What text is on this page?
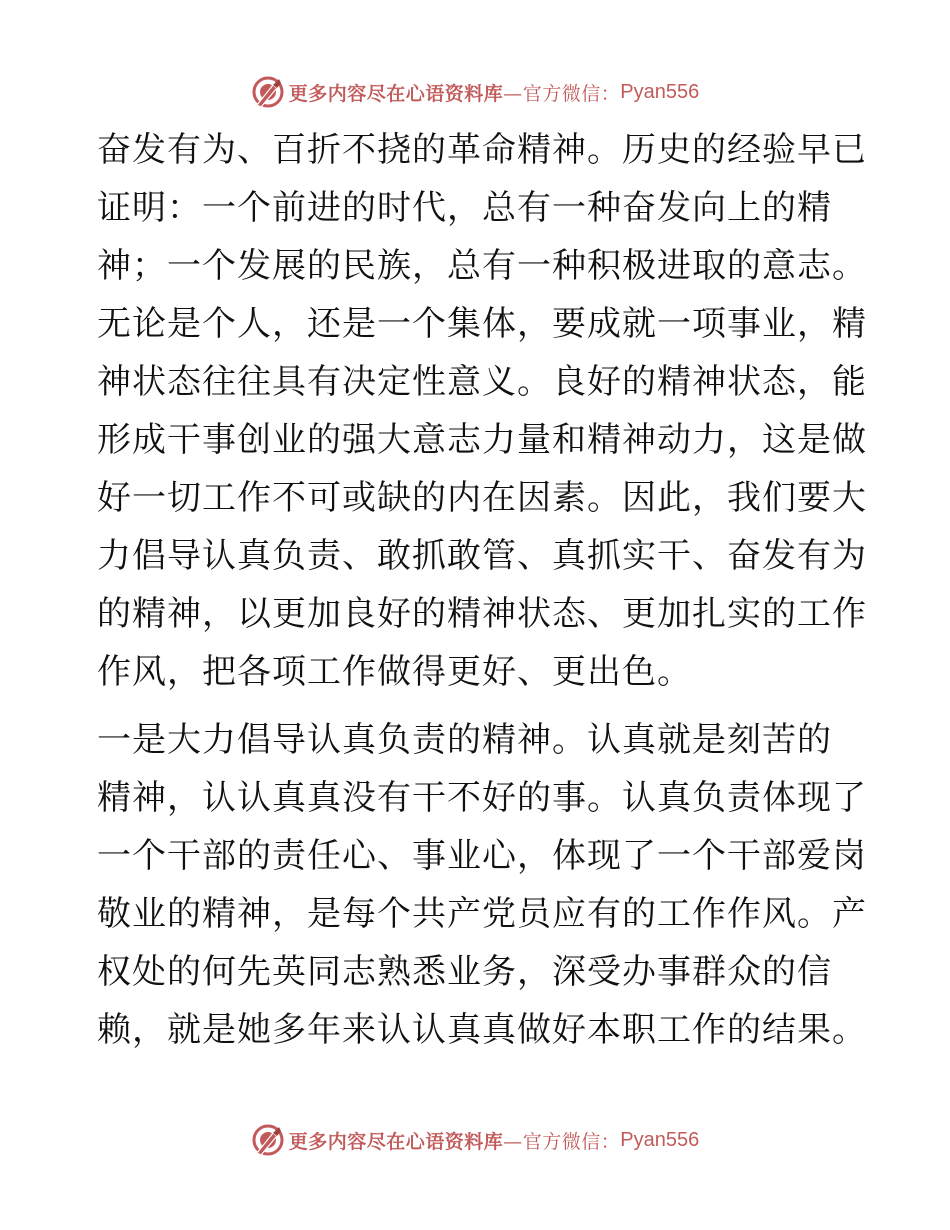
更多内容尽在心语资料库 —官方微信： Pyan556

奋发有为、百折不挠的革命精神。历史的经验早已
证明：一个前进的时代，总有一种奋发向上的精
神；一个发展的民族，总有一种积极进取的意志。
无论是个人，还是一个集体，要成就一项事业，精
神状态往往具有决定性意义。良好的精神状态，能
形成干事创业的强大意志力量和精神动力，这是做
好一切工作不可或缺的内在因素。因此，我们要大
力倡导认真负责、敢抓敢管、真抓实干、奋发有为
的精神，以更加良好的精神状态、更加扎实的工作
作风，把各项工作做得更好、更出色。

一是大力倡导认真负责的精神。认真就是刻苦的
精神，认认真真没有干不好的事。认真负责体现了
一个干部的责任心、事业心，体现了一个干部爱岗
敬业的精神，是每个共产党员应有的工作作风。产
权处的何先英同志熟悉业务，深受办事群众的信
赖，就是她多年来认认真真做好本职工作的结果。

更多内容尽在心语资料库 —官方微信： Pyan556
